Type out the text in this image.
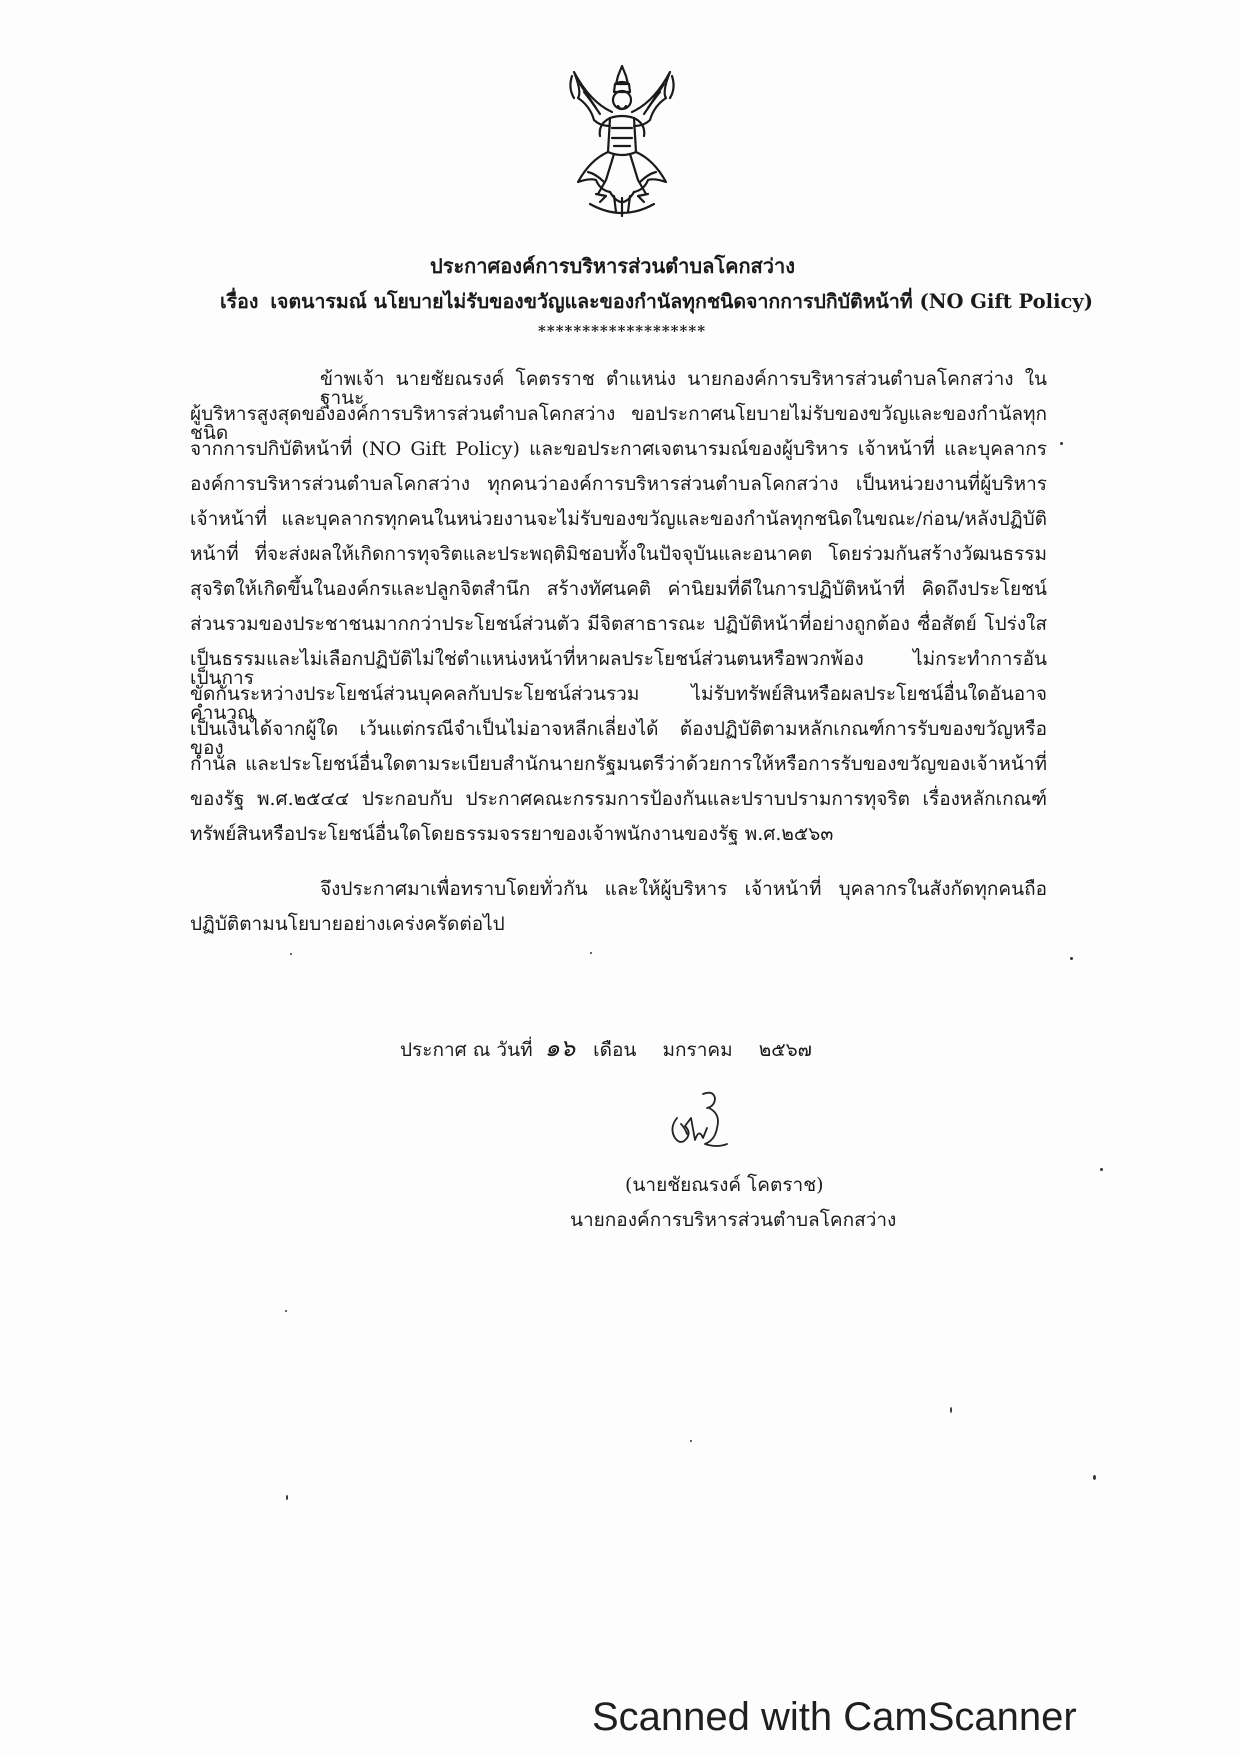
ประกาศองค์การบริหารส่วนตำบลโคกสว่าง
เรื่อง เจตนารมณ์ นโยบายไม่รับของขวัญและของกำนัลทุกชนิดจากการปกิบัติหน้าที่ (NO Gift Policy)
*******************
ข้าพเจ้า นายชัยณรงค์ โคตรราช ตำแหน่ง นายกองค์การบริหารส่วนตำบลโคกสว่าง ในฐานะ
ผู้บริหารสูงสุดขององค์การบริหารส่วนตำบลโคกสว่าง ขอประกาศนโยบายไม่รับของขวัญและของกำนัลทุกชนิด
จากการปกิบัติหน้าที่ (NO Gift Policy) และขอประกาศเจตนารมณ์ของผู้บริหาร เจ้าหน้าที่ และบุคลากร
องค์การบริหารส่วนตำบลโคกสว่าง ทุกคนว่าองค์การบริหารส่วนตำบลโคกสว่าง เป็นหน่วยงานที่ผู้บริหาร
เจ้าหน้าที่ และบุคลากรทุกคนในหน่วยงานจะไม่รับของขวัญและของกำนัลทุกชนิดในขณะ/ก่อน/หลังปฏิบัติ
หน้าที่ ที่จะส่งผลให้เกิดการทุจริตและประพฤติมิชอบทั้งในปัจจุบันและอนาคต โดยร่วมกันสร้างวัฒนธรรม
สุจริตให้เกิดขึ้นในองค์กรและปลูกจิตสำนึก สร้างทัศนคติ ค่านิยมที่ดีในการปฏิบัติหน้าที่ คิดถึงประโยชน์
ส่วนรวมของประชาชนมากกว่าประโยชน์ส่วนตัว มีจิตสาธารณะ ปฏิบัติหน้าที่อย่างถูกต้อง ซื่อสัตย์ โปร่งใส
เป็นธรรมและไม่เลือกปฏิบัติไม่ใช่ตำแหน่งหน้าที่หาผลประโยชน์ส่วนตนหรือพวกพ้อง ไม่กระทำการอันเป็นการ
ขัดกันระหว่างประโยชน์ส่วนบุคคลกับประโยชน์ส่วนรวม ไม่รับทรัพย์สินหรือผลประโยชน์อื่นใดอันอาจคำนวณ
เป็นเงินได้จากผู้ใด เว้นแต่กรณีจำเป็นไม่อาจหลีกเลี่ยงได้ ต้องปฏิบัติตามหลักเกณฑ์การรับของขวัญหรือของ
กำนัล และประโยชน์อื่นใดตามระเบียบสำนักนายกรัฐมนตรีว่าด้วยการให้หรือการรับของขวัญของเจ้าหน้าที่
ของรัฐ พ.ศ.๒๕๔๔ ประกอบกับ ประกาศคณะกรรมการป้องกันและปราบปรามการทุจริต เรื่องหลักเกณฑ์
ทรัพย์สินหรือประโยชน์อื่นใดโดยธรรมจรรยาของเจ้าพนักงานของรัฐ พ.ศ.๒๕๖๓
จึงประกาศมาเพื่อทราบโดยทั่วกัน และให้ผู้บริหาร เจ้าหน้าที่ บุคลากรในสังกัดทุกคนถือ
ปฏิบัติตามนโยบายอย่างเคร่งครัดต่อไป
ประกาศ ณ วันที่ ๑๖ เดือน มกราคม ๒๕๖๗
(นายชัยณรงค์ โคตราช)
นายกองค์การบริหารส่วนตำบลโคกสว่าง
Scanned with CamScanner
